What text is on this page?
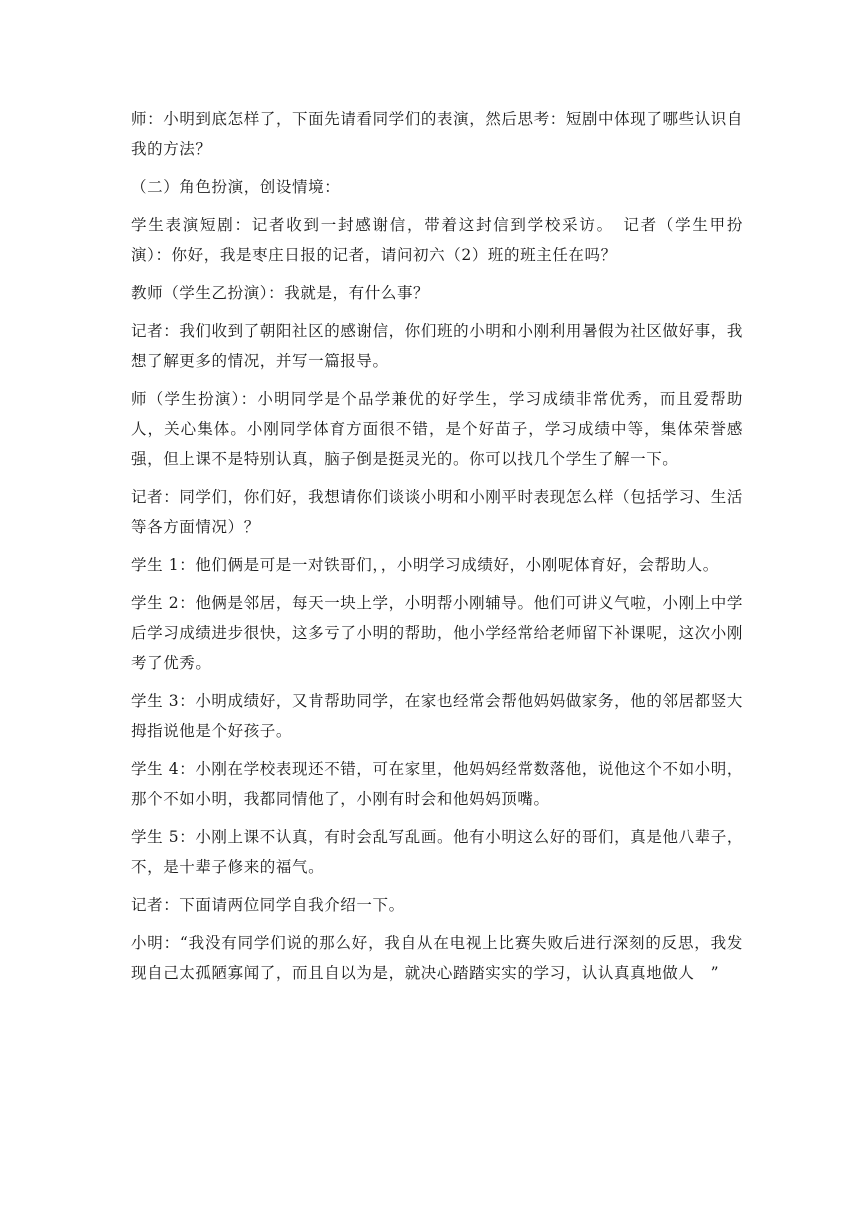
师：小明到底怎样了，下面先请看同学们的表演，然后思考：短剧中体现了哪些认识自我的方法？

（二）角色扮演，创设情境：

学生表演短剧：记者收到一封感谢信，带着这封信到学校采访。　记者（学生甲扮演）：你好，我是枣庄日报的记者，请问初六（2）班的班主任在吗？

教师（学生乙扮演）：我就是，有什么事？

记者：我们收到了朝阳社区的感谢信，你们班的小明和小刚利用暑假为社区做好事，我想了解更多的情况，并写一篇报导。

师（学生扮演）：小明同学是个品学兼优的好学生，学习成绩非常优秀，而且爱帮助人，关心集体。小刚同学体育方面很不错，是个好苗子，学习成绩中等，集体荣誉感强，但上课不是特别认真，脑子倒是挺灵光的。你可以找几个学生了解一下。

记者：同学们，你们好，我想请你们谈谈小明和小刚平时表现怎么样（包括学习、生活等各方面情况）？

学生 1：他们俩是可是一对铁哥们，，小明学习成绩好，小刚呢体育好，会帮助人。

学生 2：他俩是邻居，每天一块上学，小明帮小刚辅导。他们可讲义气啦，小刚上中学后学习成绩进步很快，这多亏了小明的帮助，他小学经常给老师留下补课呢，这次小刚考了优秀。

学生 3：小明成绩好，又肯帮助同学，在家也经常会帮他妈妈做家务，他的邻居都竖大拇指说他是个好孩子。

学生 4：小刚在学校表现还不错，可在家里，他妈妈经常数落他，说他这个不如小明，那个不如小明，我都同情他了，小刚有时会和他妈妈顶嘴。

学生 5：小刚上课不认真，有时会乱写乱画。他有小明这么好的哥们，真是他八辈子，不，是十辈子修来的福气。

记者：下面请两位同学自我介绍一下。

小明：“我没有同学们说的那么好，我自从在电视上比赛失败后进行深刻的反思，我发现自己太孤陋寡闻了，而且自以为是，就决心踏踏实实的学习，认认真真地做人　”
